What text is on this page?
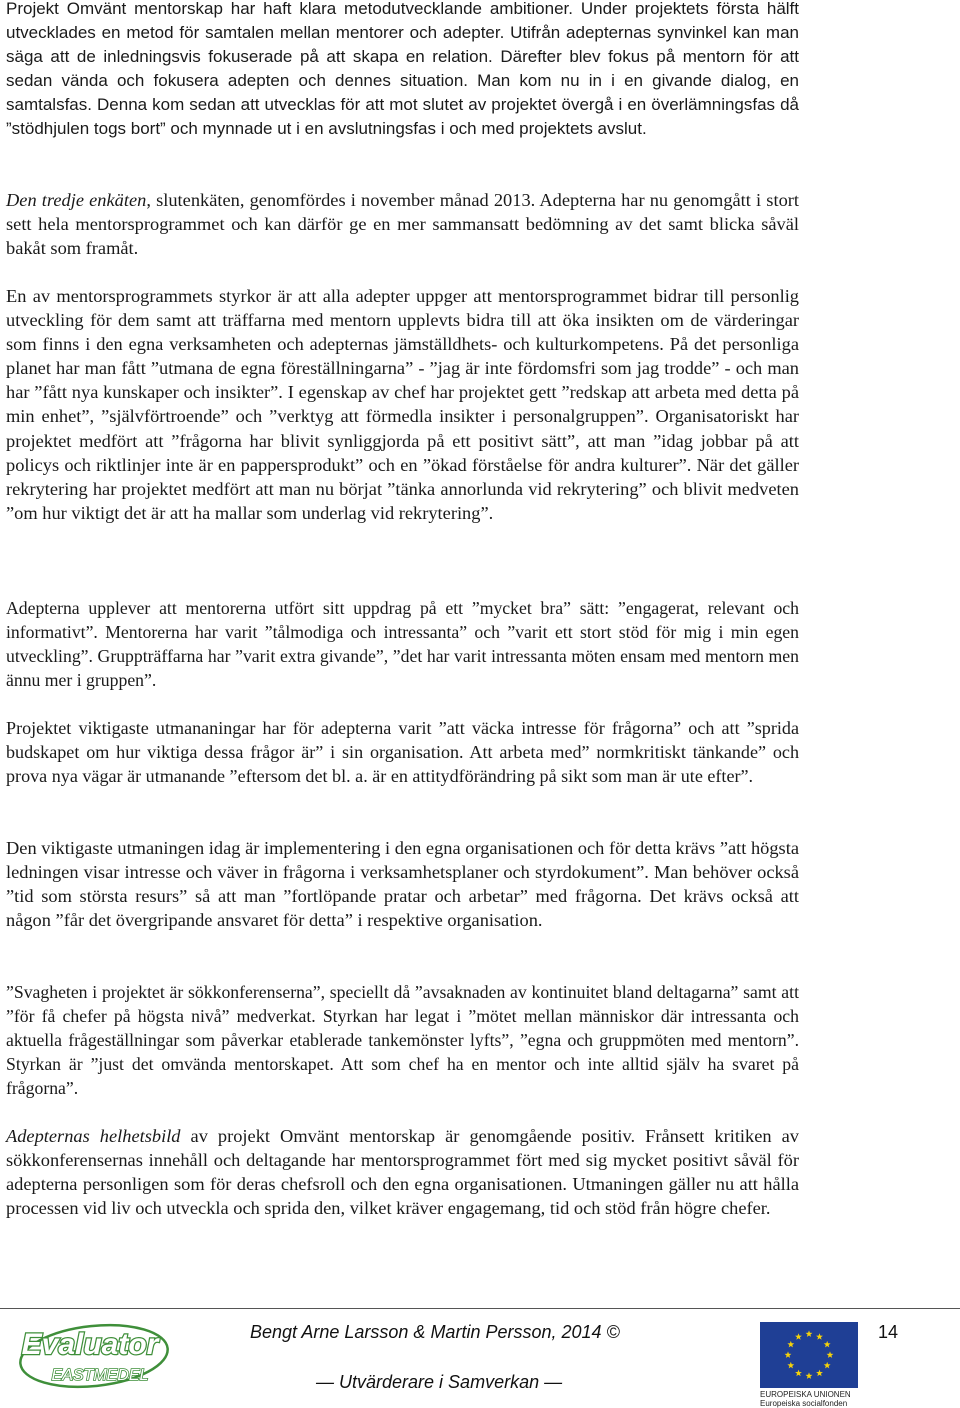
Projekt Omvänt mentorskap har haft klara metodutvecklande ambitioner. Under projektets första hälft utvecklades en metod för samtalen mellan mentorer och adepter. Utifrån adepternas synvinkel kan man säga att de inledningsvis fokuserade på att skapa en relation. Därefter blev fokus på mentorn för att sedan vända och fokusera adepten och dennes situation. Man kom nu in i en givande dialog, en samtalsfas. Denna kom sedan att utvecklas för att mot slutet av projektet övergå i en överlämningsfas då ”stödhjulen togs bort” och mynnade ut i en avslutningsfas i och med projektets avslut.

Den tredje enkäten, slutenkäten, genomfördes i november månad 2013. Adepterna har nu genomgått i stort sett hela mentorsprogrammet och kan därför ge en mer sammansatt bedömning av det samt blicka såväl bakåt som framåt.

En av mentorsprogrammets styrkor är att alla adepter uppger att mentorsprogrammet bidrar till personlig utveckling för dem samt att träffarna med mentorn upplevts bidra till att öka insikten om de värderingar som finns i den egna verksamheten och adepternas jämställdhets- och kulturkompetens. På det personliga planet har man fått ”utmana de egna föreställningarna” - ”jag är inte fördomsfri som jag trodde” - och man har ”fått nya kunskaper och insikter”. I egenskap av chef har projektet gett ”redskap att arbeta med detta på min enhet”, ”självförtroende” och ”verktyg att förmedla insikter i personalgruppen”. Organisatoriskt har projektet medfört att ”frågorna har blivit synliggjorda på ett positivt sätt”, att man ”idag jobbar på att policys och riktlinjer inte är en pappersprodukt” och en ”ökad förståelse för andra kulturer”. När det gäller rekrytering har projektet medfört att man nu börjat ”tänka annorlunda vid rekrytering” och blivit medveten ”om hur viktigt det är att ha mallar som underlag vid rekrytering”.

Adepterna upplever att mentorerna utfört sitt uppdrag på ett ”mycket bra” sätt: ”engagerat, relevant och informativt”. Mentorerna har varit ”tålmodiga och intressanta” och ”varit ett stort stöd för mig i min egen utveckling”. Gruppträffarna har ”varit extra givande”, ”det har varit intressanta möten ensam med mentorn men ännu mer i gruppen”.

Projektet viktigaste utmananingar har för adepterna varit ”att väcka intresse för frågorna” och att ”sprida budskapet om hur viktiga dessa frågor är” i sin organisation. Att arbeta med” normkritiskt tänkande” och prova nya vägar är utmanande ”eftersom det bl. a. är en attitydförändring på sikt som man är ute efter”.

Den viktigaste utmaningen idag är implementering i den egna organisationen och för detta krävs ”att högsta ledningen visar intresse och väver in frågorna i verksamhetsplaner och styrdokument”. Man behöver också ”tid som största resurs” så att man ”fortlöpande pratar och arbetar” med frågorna. Det krävs också att någon ”får det övergripande ansvaret för detta” i respektive organisation.

”Svagheten i projektet är sökkonferenserna”, speciellt då ”avsaknaden av kontinuitet bland deltagarna” samt att ”för få chefer på högsta nivå” medverkat. Styrkan har legat i ”mötet mellan människor där intressanta och aktuella frågeställningar som påverkar etablerade tankemönster lyfts”, ”egna och gruppmöten med mentorn”. Styrkan är ”just det omvända mentorskapet. Att som chef ha en mentor och inte alltid själv ha svaret på frågorna”.

Adepternas helhetsbild av projekt Omvänt mentorskap är genomgående positiv. Frånsett kritiken av sökkonferensernas innehåll och deltagande har mentorsprogrammet fört med sig mycket positivt såväl för adepterna personligen som för deras chefsroll och den egna organisationen. Utmaningen gäller nu att hålla processen vid liv och utveckla och sprida den, vilket kräver engagemang, tid och stöd från högre chefer.

Evaluator
EASTMEDEL
Bengt Arne Larsson & Martin Persson, 2014 ©
— Utvärderare i Samverkan —
14
EUROPEISKA UNIONEN
Europeiska socialfonden
